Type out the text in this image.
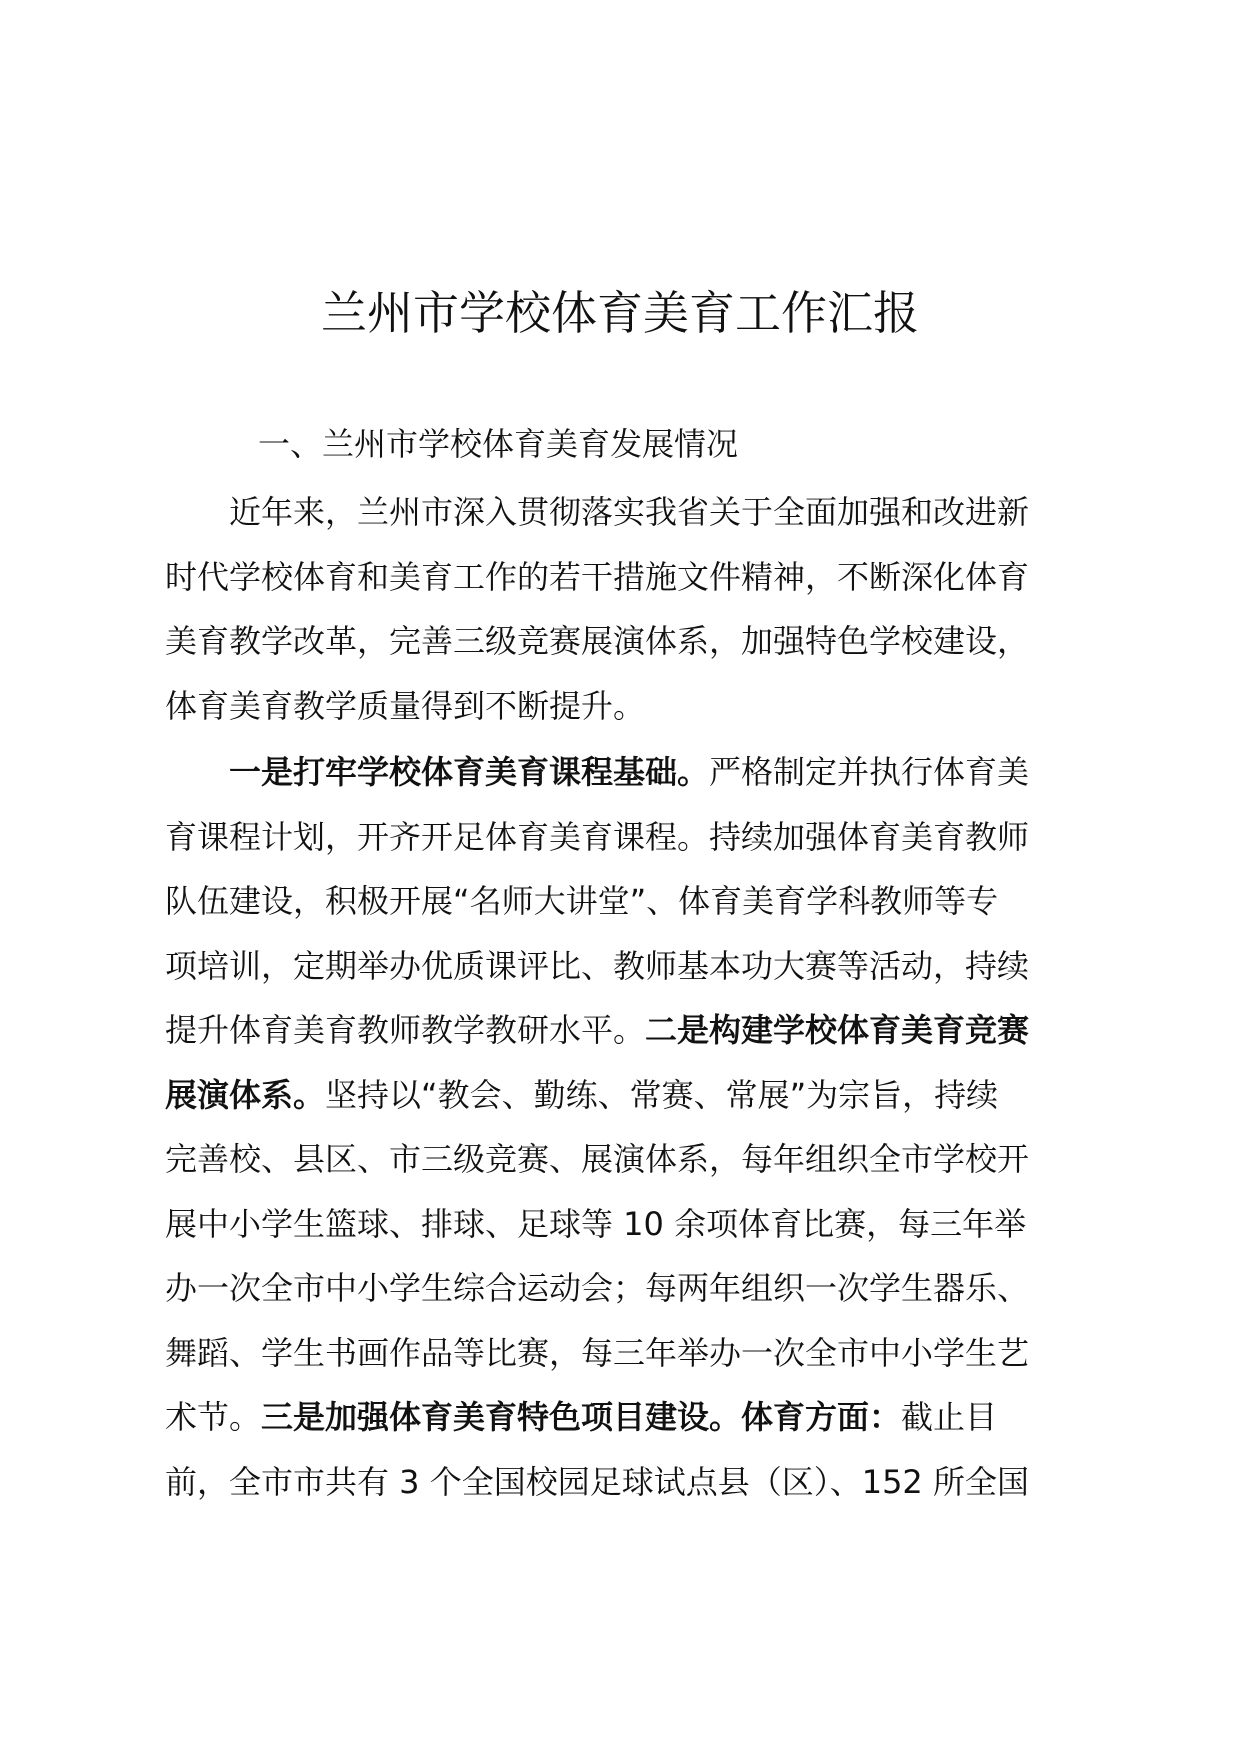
兰州市学校体育美育工作汇报

一、兰州市学校体育美育发展情况

近年来，兰州市深入贯彻落实我省关于全面加强和改进新
时代学校体育和美育工作的若干措施文件精神，不断深化体育
美育教学改革，完善三级竞赛展演体系，加强特色学校建设，
体育美育教学质量得到不断提升。
一是打牢学校体育美育课程基础。严格制定并执行体育美
育课程计划，开齐开足体育美育课程。持续加强体育美育教师
队伍建设，积极开展“名师大讲堂”、体育美育学科教师等专
项培训，定期举办优质课评比、教师基本功大赛等活动，持续
提升体育美育教师教学教研水平。二是构建学校体育美育竞赛
展演体系。坚持以“教会、勤练、常赛、常展”为宗旨，持续
完善校、县区、市三级竞赛、展演体系，每年组织全市学校开
展中小学生篮球、排球、足球等 10 余项体育比赛，每三年举
办一次全市中小学生综合运动会；每两年组织一次学生器乐、
舞蹈、学生书画作品等比赛，每三年举办一次全市中小学生艺
术节。三是加强体育美育特色项目建设。体育方面：截止目
前，全市市共有 3 个全国校园足球试点县（区）、152 所全国
